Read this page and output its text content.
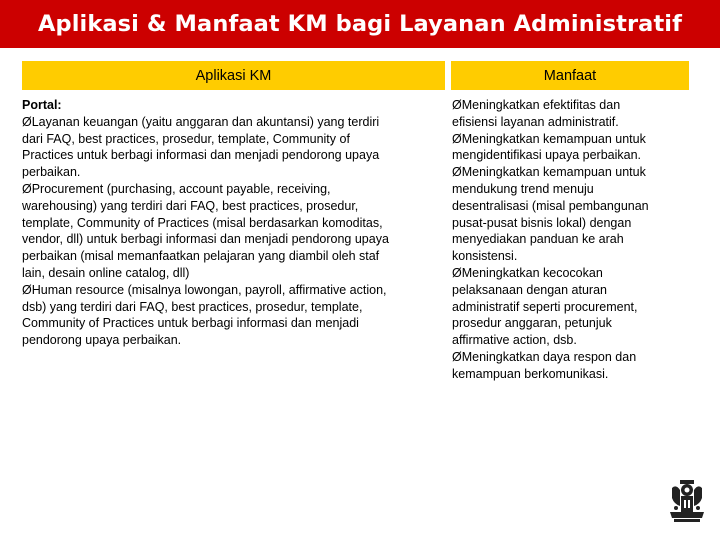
Aplikasi & Manfaat KM bagi Layanan Administratif
Aplikasi KM	Manfaat
Portal:
ØLayanan keuangan (yaitu anggaran dan akuntansi) yang terdiri
dari FAQ, best practices, prosedur, template, Community of
Practices untuk berbagi informasi dan menjadi pendorong upaya
perbaikan.
ØProcurement (purchasing, account payable, receiving,
warehousing) yang terdiri dari FAQ, best practices, prosedur,
template, Community of Practices (misal berdasarkan komoditas,
vendor, dll) untuk berbagi informasi dan menjadi pendorong upaya
perbaikan (misal memanfaatkan pelajaran yang diambil oleh staf
lain, desain online catalog, dll)
ØHuman resource (misalnya lowongan, payroll, affirmative action,
dsb) yang terdiri dari FAQ, best practices, prosedur, template,
Community of Practices untuk berbagi informasi dan menjadi
pendorong upaya perbaikan.
ØMeningkatkan efektifitas dan
efisiensi layanan administratif.
ØMeningkatkan kemampuan untuk
mengidentifikasi upaya perbaikan.
ØMeningkatkan kemampuan untuk
mendukung trend menuju
desentralisasi (misal pembangunan
pusat-pusat bisnis lokal) dengan
menyediakan panduan ke arah
konsistensi.
ØMeningkatkan kecocokan
pelaksanaan dengan aturan
administratif seperti procurement,
prosedur anggaran, petunjuk
affirmative action, dsb.
ØMeningkatkan daya respon dan
kemampuan berkomunikasi.
